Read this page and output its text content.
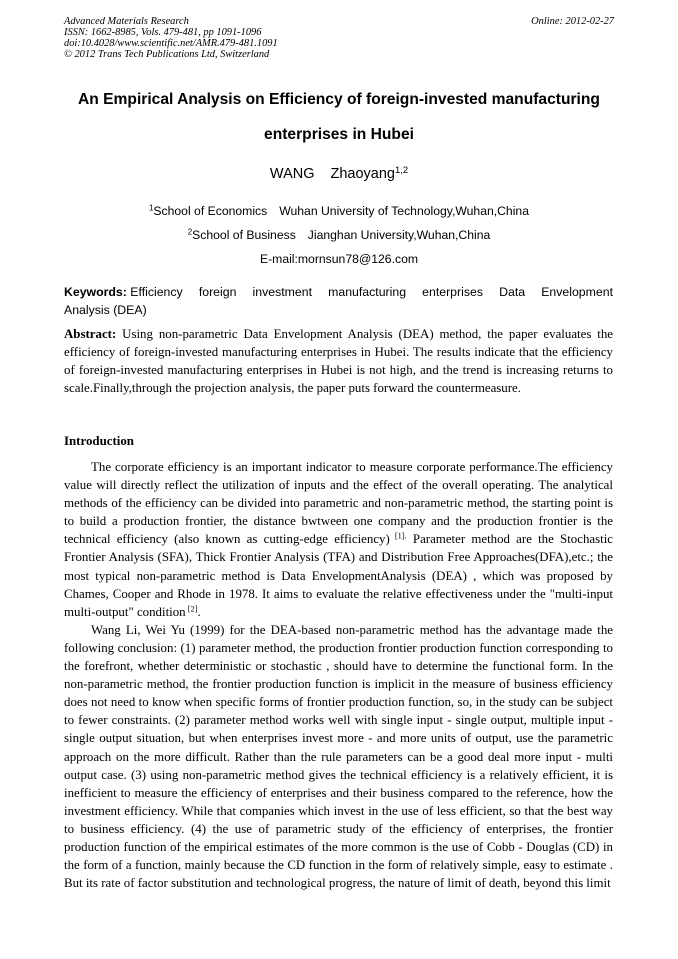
Advanced Materials Research
ISSN: 1662-8985, Vols. 479-481, pp 1091-1096
doi:10.4028/www.scientific.net/AMR.479-481.1091
© 2012 Trans Tech Publications Ltd, Switzerland
Online: 2012-02-27
An Empirical Analysis on Efficiency of foreign-invested manufacturing
enterprises in Hubei
WANG Zhaoyang$^{1,2}$
$^1$School of Economics Wuhan University of Technology,Wuhan,China
$^2$School of Business Jianghan University,Wuhan,China
E-mail:mornsun78@126.com
Keywords: Efficiency foreign investment manufacturing enterprises Data Envelopment
Analysis (DEA)

Abstract: Using non-parametric Data Envelopment Analysis (DEA) method, the paper evaluates the efficiency of foreign-invested manufacturing enterprises in Hubei. The results indicate that the efficiency of foreign-invested manufacturing enterprises in Hubei is not high, and the trend is increasing returns to scale.Finally,through the projection analysis, the paper puts forward the countermeasure.

Introduction

The corporate efficiency is an important indicator to measure corporate performance.The efficiency value will directly reflect the utilization of inputs and the effect of the overall operating. The analytical methods of the efficiency can be divided into parametric and non-parametric method, the starting point is to build a production frontier, the distance bwtween one company and the production frontier is the technical efficiency (also known as cutting-edge efficiency) $^{[1].}$ Parameter method are the Stochastic Frontier Analysis (SFA), Thick Frontier Analysis (TFA) and Distribution Free Approaches(DFA),etc.; the most typical non-parametric method is Data EnvelopmentAnalysis (DEA) , which was proposed by Chames, Cooper and Rhode in 1978. It aims to evaluate the relative effectiveness under the "multi-input multi-output" condition [2].

Wang Li, Wei Yu (1999) for the DEA-based non-parametric method has the advantage made the following conclusion: (1) parameter method, the production frontier production function corresponding to the forefront, whether deterministic or stochastic , should have to determine the functional form. In the non-parametric method, the frontier production function is implicit in the measure of business efficiency does not need to know when specific forms of frontier production function, so, in the study can be subject to fewer constraints. (2) parameter method works well with single input - single output, multiple input - single output situation, but when enterprises invest more - and more units of output, use the parametric approach on the more difficult. Rather than the rule parameters can be a good deal more input - multi output case. (3) using non-parametric method gives the technical efficiency is a relatively efficient, it is inefficient to measure the efficiency of enterprises and their business compared to the reference, how the investment efficiency. While that companies which invest in the use of less efficient, so that the best way to business efficiency. (4) the use of parametric study of the efficiency of enterprises, the frontier production function of the empirical estimates of the more common is the use of Cobb - Douglas (CD) in the form of a function, mainly because the CD function in the form of relatively simple, easy to estimate . But its rate of factor substitution and technological progress, the nature of limit of death, beyond this limit
